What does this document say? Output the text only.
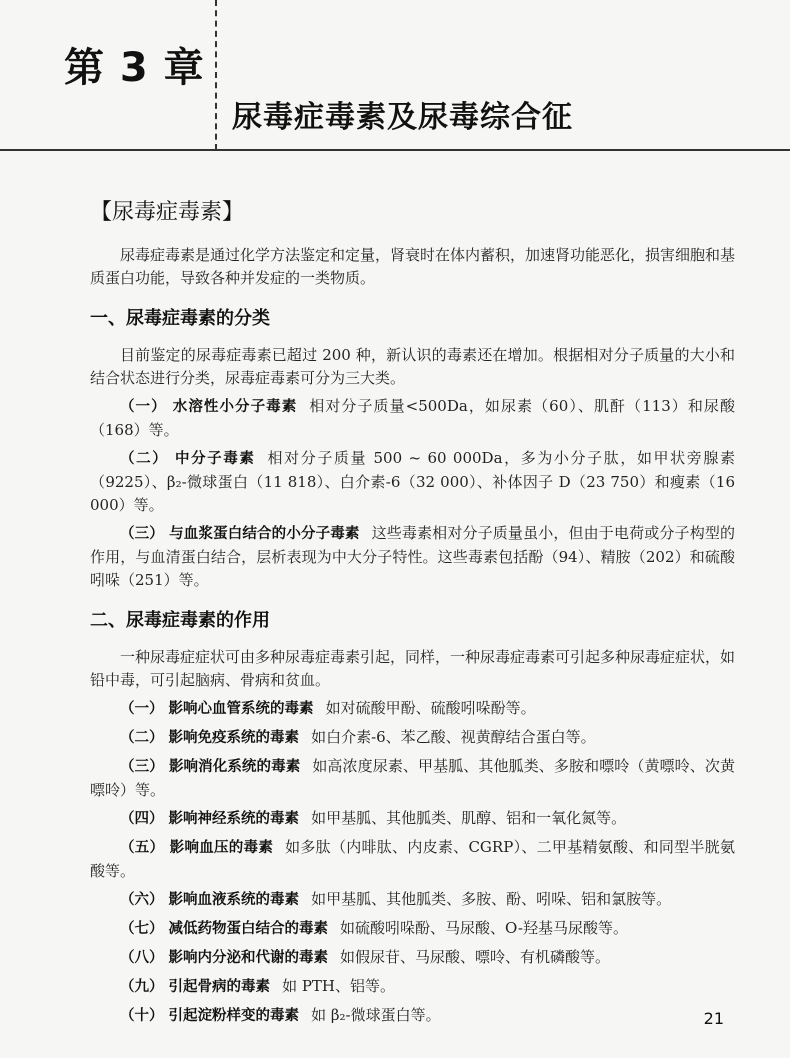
第 3 章
尿毒症毒素及尿毒综合征
【尿毒症毒素】

尿毒症毒素是通过化学方法鉴定和定量，肾衰时在体内蓄积，加速肾功能恶化，损害细胞和基质蛋白功能，导致各种并发症的一类物质。

一、尿毒症毒素的分类

目前鉴定的尿毒症毒素已超过 200 种，新认识的毒素还在增加。根据相对分子质量的大小和结合状态进行分类，尿毒症毒素可分为三大类。

（一） 水溶性小分子毒素 相对分子质量<500Da，如尿素（60）、肌酐（113）和尿酸（168）等。

（二） 中分子毒素 相对分子质量 500 ~ 60 000Da，多为小分子肽，如甲状旁腺素（9225）、β₂-微球蛋白（11 818）、白介素-6（32 000）、补体因子 D（23 750）和瘦素（16 000）等。

（三） 与血浆蛋白结合的小分子毒素 这些毒素相对分子质量虽小，但由于电荷或分子构型的作用，与血清蛋白结合，层析表现为中大分子特性。这些毒素包括酚（94）、精胺（202）和硫酸吲哚（251）等。

二、尿毒症毒素的作用

一种尿毒症症状可由多种尿毒症毒素引起，同样，一种尿毒症毒素可引起多种尿毒症症状，如铅中毒，可引起脑病、骨病和贫血。

（一） 影响心血管系统的毒素 如对硫酸甲酚、硫酸吲哚酚等。

（二） 影响免疫系统的毒素 如白介素-6、苯乙酸、视黄醇结合蛋白等。

（三） 影响消化系统的毒素 如高浓度尿素、甲基胍、其他胍类、多胺和嘌呤（黄嘌呤、次黄嘌呤）等。

（四） 影响神经系统的毒素 如甲基胍、其他胍类、肌醇、铝和一氧化氮等。

（五） 影响血压的毒素 如多肽（内啡肽、内皮素、CGRP）、二甲基精氨酸、和同型半胱氨酸等。

（六） 影响血液系统的毒素 如甲基胍、其他胍类、多胺、酚、吲哚、铝和氯胺等。

（七） 减低药物蛋白结合的毒素 如硫酸吲哚酚、马尿酸、O-羟基马尿酸等。

（八） 影响内分泌和代谢的毒素 如假尿苷、马尿酸、嘌呤、有机磷酸等。

（九） 引起骨病的毒素 如 PTH、铝等。

（十） 引起淀粉样变的毒素 如 β₂-微球蛋白等。	21
